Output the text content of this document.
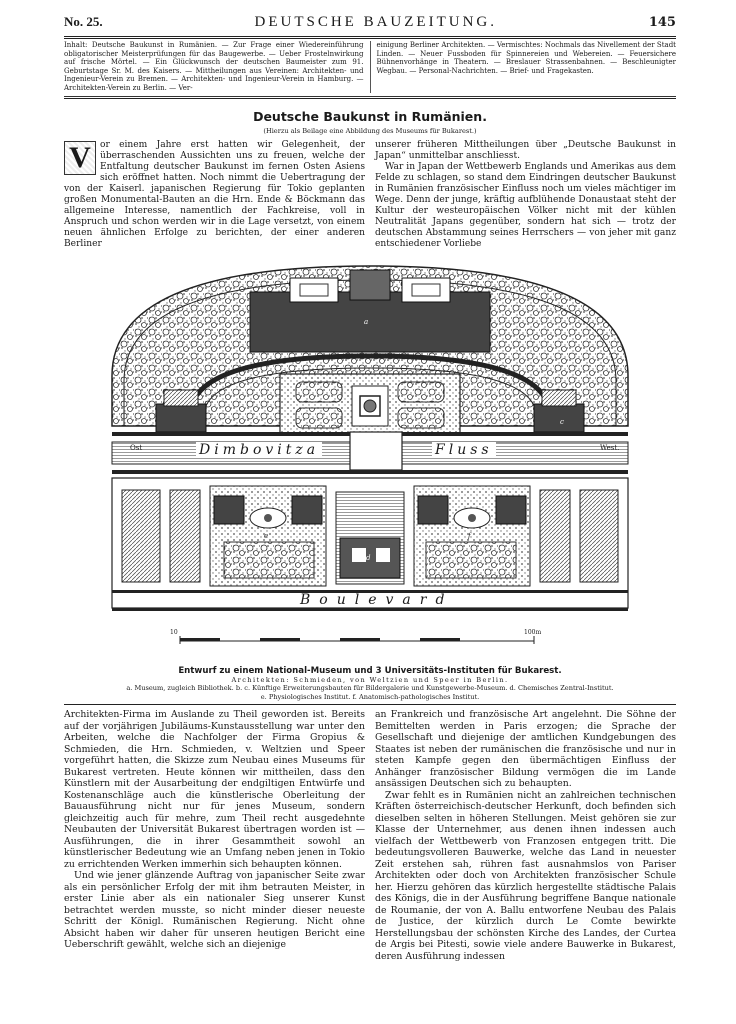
No. 25.	DEUTSCHE BAUZEITUNG.	145
Inhalt: Deutsche Baukunst in Rumänien. — Zur Frage einer Wiedereinführung obligatorischer Meisterprüfungen für das Baugewerbe. — Ueber Frostelnwirkung auf frische Mörtel. — Ein Glückwunsch der deutschen Baumeister zum 91. Geburtstage Sr. M. des Kaisers. — Mittheilungen aus Vereinen: Architekten- und Ingenieur-Verein zu Bremen. — Architekten- und Ingenieur-Verein in Hamburg. — Architekten-Verein zu Berlin. — Ver-
einigung Berliner Architekten. — Vermischtes: Nochmals das Nivellement der Stadt Linden. — Neuer Fussboden für Spinnereien und Webereien. — Feuersichere Bühnenvorhänge in Theatern. — Breslauer Strassenbahnen. — Beschleunigter Wegbau. — Personal-Nachrichten. — Brief- und Fragekasten.
Deutsche Baukunst in Rumänien.
(Hierzu als Beilage eine Abbildung des Museums für Bukarest.)
V	or einem Jahre erst hatten wir Gelegenheit, der überraschenden Aussichten uns zu freuen, welche der Entfaltung deutscher Baukunst im fernen Osten Asiens sich eröffnet hatten. Noch nimmt die Uebertragung der von der Kaiserl. japanischen Regierung für Tokio geplanten großen Monumental-Bauten an die Hrn. Ende & Böckmann das allgemeine Interesse, namentlich der Fachkreise, voll in Anspruch und schon werden wir in die Lage versetzt, von einem neuen ähnlichen Erfolge zu berichten, der einer anderen Berliner

unserer früheren Mittheilungen über „Deutsche Baukunst in Japan“ unmittelbar anschliesst.

War in Japan der Wettbewerb Englands und Amerikas aus dem Felde zu schlagen, so stand dem Eindringen deutscher Baukunst in Rumänien französischer Einfluss noch um vieles mächtiger im Wege. Denn der junge, kräftig aufblühende Donaustaat steht der Kultur der westeuropäischen Völker nicht mit der kühlen Neutralität Japans gegenüber, sondern hat sich — trotz der deutschen Abstammung seines Herrschers — von jeher mit ganz entschiedener Vorliebe

Ost	West.
a
b	c
d
e	f
Dimbovitza	Fluss
Boulevard
10	100m
Entwurf zu einem National-Museum und 3 Universitäts-Instituten für Bukarest.
Architekten: Schmieden, von Weltzien und Speer in Berlin.
a. Museum, zugleich Bibliothek. b. c. Künftige Erweiterungsbauten für Bildergalerie und Kunstgewerbe-Museum. d. Chemisches Zentral-Institut.
e. Physiologisches Institut. f. Anatomisch-pathologisches Institut.

Architekten-Firma im Auslande zu Theil geworden ist. Bereits auf der vorjährigen Jubiläums-Kunstausstellung war unter den Arbeiten, welche die Nachfolger der Firma Gropius & Schmieden, die Hrn. Schmieden, v. Weltzien und Speer vorgeführt hatten, die Skizze zum Neubau eines Museums für Bukarest vertreten. Heute können wir mittheilen, dass den Künstlern mit der Ausarbeitung der endgiltigen Entwürfe und Kostenanschläge auch die künstlerische Oberleitung der Bauausführung nicht nur für jenes Museum, sondern gleichzeitig auch für mehre, zum Theil recht ausgedehnte Neubauten der Universität Bukarest übertragen worden ist — Ausführungen, die in ihrer Gesammtheit sowohl an künstlerischer Bedeutung wie an Umfang neben jenen in Tokio zu errichtenden Werken immerhin sich behaupten können.

Und wie jener glänzende Auftrag von japanischer Seite zwar als ein persönlicher Erfolg der mit ihm betrauten Meister, in erster Linie aber als ein nationaler Sieg unserer Kunst betrachtet werden musste, so nicht minder dieser neueste Schritt der Königl. Rumänischen Regierung. Nicht ohne Absicht haben wir daher für unseren heutigen Bericht eine Ueberschrift gewählt, welche sich an diejenige

an Frankreich und französische Art angelehnt. Die Söhne der Bemittelten werden in Paris erzogen; die Sprache der Gesellschaft und diejenige der amtlichen Kundgebungen des Staates ist neben der rumänischen die französische und nur in steten Kampfe gegen den übermächtigen Einfluss der Anhänger französischer Bildung vermögen die im Lande ansässigen Deutschen sich zu behaupten.

Zwar fehlt es in Rumänien nicht an zahlreichen technischen Kräften österreichisch-deutscher Herkunft, doch befinden sich dieselben selten in höheren Stellungen. Meist gehören sie zur Klasse der Unternehmer, aus denen ihnen indessen auch vielfach der Wettbewerb von Franzosen entgegen tritt. Die bedeutungsvolleren Bauwerke, welche das Land in neuester Zeit erstehen sah, rühren fast ausnahmslos von Pariser Architekten oder doch von Architekten französischer Schule her. Hierzu gehören das kürzlich hergestellte städtische Palais des Königs, die in der Ausführung begriffene Banque nationale de Roumanie, der von A. Ballu entworfene Neubau des Palais de Justice, der kürzlich durch Le Comte bewirkte Herstellungsbau der schönsten Kirche des Landes, der Curtea de Argis bei Pitesti, sowie viele andere Bauwerke in Bukarest, deren Ausführung indessen
